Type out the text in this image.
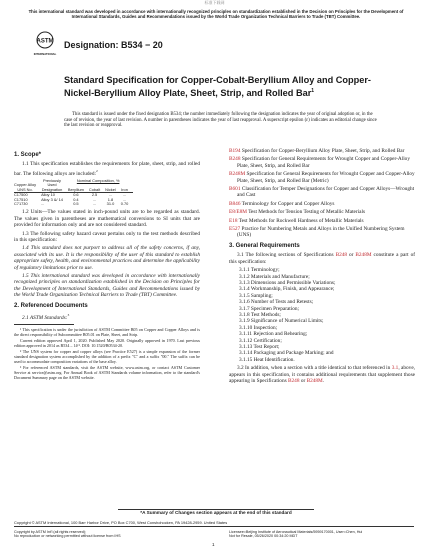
标准下载网
This international standard was developed in accordance with internationally recognized principles on standardization established in the Decision on Principles for the Development of International Standards, Guides and Recommendations issued by the World Trade Organization Technical Barriers to Trade (TBT) Committee.
ASTM
INTERNATIONAL
Designation: B534 − 20
Standard Specification for Copper-Cobalt-Beryllium Alloy and Copper-Nickel-Beryllium Alloy Plate, Sheet, Strip, and Rolled Bar$^1$
This standard is issued under the fixed designation B534; the number immediately following the designation indicates the year of original adoption or, in the case of revision, the year of last revision. A number in parentheses indicates the year of last reapproval. A superscript epsilon (ε) indicates an editorial change since the last revision or reapproval.
1. Scope*

1.1 This specification establishes the requirements for plate, sheet, strip, and rolled bar. The following alloys are included:$^2$

	Previously	Nominal Composition, %			
Copper Alloy	Used				
UNS No.	Designation	Beryllium	Cobalt	Nickel	Iron
C17500	Alloy 10	0.6	2.5	...	...
C17510	Alloy 3 &/ 14	0.4	...	1.8	...
C71730	...	0.5	...	31.0	0.70

1.2 Units—The values stated in inch-pound units are to be regarded as standard. The values given in parentheses are mathematical conversions to SI units that are provided for information only and are not considered standard.

1.3 The following safety hazard caveat pertains only to the test methods described in this specification:

1.4 This standard does not purport to address all of the safety concerns, if any, associated with its use. It is the responsibility of the user of this standard to establish appropriate safety, health, and environmental practices and determine the applicability of regulatory limitations prior to use.

1.5 This international standard was developed in accordance with internationally recognized principles on standardization established in the Decision on Principles for the Development of International Standards, Guides and Recommendations issued by the World Trade Organization Technical Barriers to Trade (TBT) Committee.

2. Referenced Documents

2.1 ASTM Standards:$^3$

¹ This specification is under the jurisdiction of ASTM Committee B05 on Copper and Copper Alloys and is the direct responsibility of Subcommittee B05.01 on Plate, Sheet, and Strip.
Current edition approved April 1, 2020. Published May 2020. Originally approved in 1970. Last previous edition approved in 2014 as B534 – 14ᵉ¹. DOI: 10.1520/B0534-20.
² The UNS system for copper and copper alloys (see Practice E527) is a simple expansion of the former standard designation system accomplished by the addition of a prefix "C" and a suffix "00." The suffix can be used to accommodate composition variations of the base alloy.
³ For referenced ASTM standards, visit the ASTM website, www.astm.org, or contact ASTM Customer Service at service@astm.org. For Annual Book of ASTM Standards volume information, refer to the standard's Document Summary page on the ASTM website.

B194 Specification for Copper-Beryllium Alloy Plate, Sheet, Strip, and Rolled Bar

B248 Specification for General Requirements for Wrought Copper and Copper-Alloy Plate, Sheet, Strip, and Rolled Bar

B248M Specification for General Requirements for Wrought Copper and Copper-Alloy Plate, Sheet, Strip, and Rolled Bar (Metric)

B601 Classification for Temper Designations for Copper and Copper Alloys—Wrought and Cast

B846 Terminology for Copper and Copper Alloys

E8/E8M Test Methods for Tension Testing of Metallic Materials

E18 Test Methods for Rockwell Hardness of Metallic Materials

E527 Practice for Numbering Metals and Alloys in the Unified Numbering System (UNS)

3. General Requirements

3.1 The following sections of Specifications B248 or B248M constitute a part of this specification:

3.1.1 Terminology;
3.1.2 Materials and Manufacture;
3.1.3 Dimensions and Permissible Variations;
3.1.4 Workmanship, Finish, and Appearance;
3.1.5 Sampling;
3.1.6 Number of Tests and Retests;
3.1.7 Specimen Preparation;
3.1.8 Test Methods;
3.1.9 Significance of Numerical Limits;
3.1.10 Inspection;
3.1.11 Rejection and Rehearing;
3.1.12 Certification;
3.1.13 Test Report;
3.1.14 Packaging and Package Marking; and
3.1.15 Heat Identification.

3.2 In addition, when a section with a title identical to that referenced in 3.1, above, appears in this specification, it contains additional requirements that supplement those appearing in Specifications B248 or B248M.

*A Summary of Changes section appears at the end of this standard
Copyright © ASTM International, 100 Barr Harbor Drive, PO Box C700, West Conshohocken, PA 19428-2959. United States
Copyright by ASTM Int'l (all rights reserved);
No reproduction or networking permitted without license from IHS
Licensee=Beijing Institute of Aeronautical Materials/5959170001, User=Chen, Hui
Not for Resale, 05/26/2020 00:34:20 MDT
1
